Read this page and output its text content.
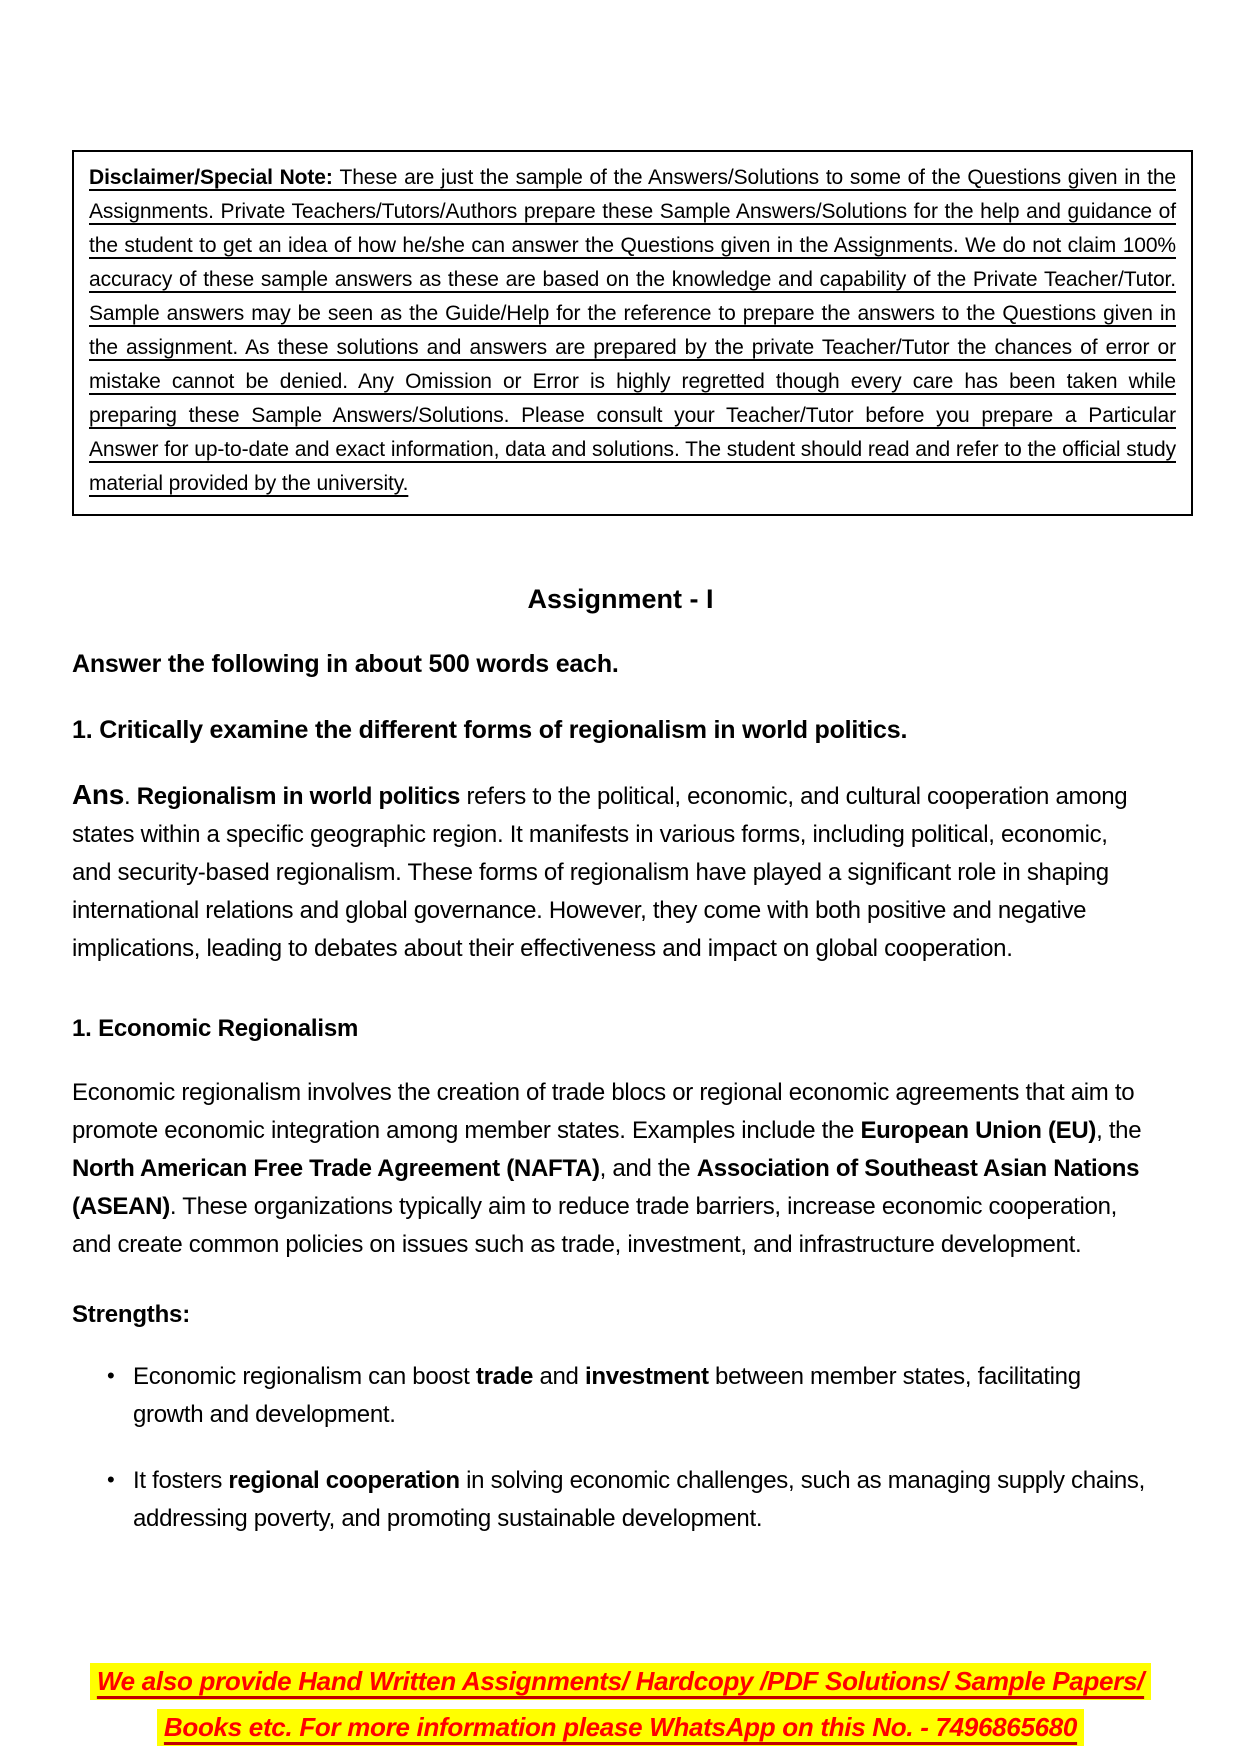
Disclaimer/Special Note: These are just the sample of the Answers/Solutions to some of the Questions given in the Assignments. Private Teachers/Tutors/Authors prepare these Sample Answers/Solutions for the help and guidance of the student to get an idea of how he/she can answer the Questions given in the Assignments. We do not claim 100% accuracy of these sample answers as these are based on the knowledge and capability of the Private Teacher/Tutor. Sample answers may be seen as the Guide/Help for the reference to prepare the answers to the Questions given in the assignment. As these solutions and answers are prepared by the private Teacher/Tutor the chances of error or mistake cannot be denied. Any Omission or Error is highly regretted though every care has been taken while preparing these Sample Answers/Solutions. Please consult your Teacher/Tutor before you prepare a Particular Answer for up-to-date and exact information, data and solutions. The student should read and refer to the official study material provided by the university.

Assignment - I

Answer the following in about 500 words each.

1. Critically examine the different forms of regionalism in world politics.

Ans. Regionalism in world politics refers to the political, economic, and cultural cooperation among states within a specific geographic region. It manifests in various forms, including political, economic, and security-based regionalism. These forms of regionalism have played a significant role in shaping international relations and global governance. However, they come with both positive and negative implications, leading to debates about their effectiveness and impact on global cooperation.

1. Economic Regionalism

Economic regionalism involves the creation of trade blocs or regional economic agreements that aim to promote economic integration among member states. Examples include the European Union (EU), the North American Free Trade Agreement (NAFTA), and the Association of Southeast Asian Nations (ASEAN). These organizations typically aim to reduce trade barriers, increase economic cooperation, and create common policies on issues such as trade, investment, and infrastructure development.

Strengths:

• Economic regionalism can boost trade and investment between member states, facilitating growth and development.
• It fosters regional cooperation in solving economic challenges, such as managing supply chains, addressing poverty, and promoting sustainable development.
We also provide Hand Written Assignments/ Hardcopy /PDF Solutions/ Sample Papers/
Books etc. For more information please WhatsApp on this No. - 7496865680
